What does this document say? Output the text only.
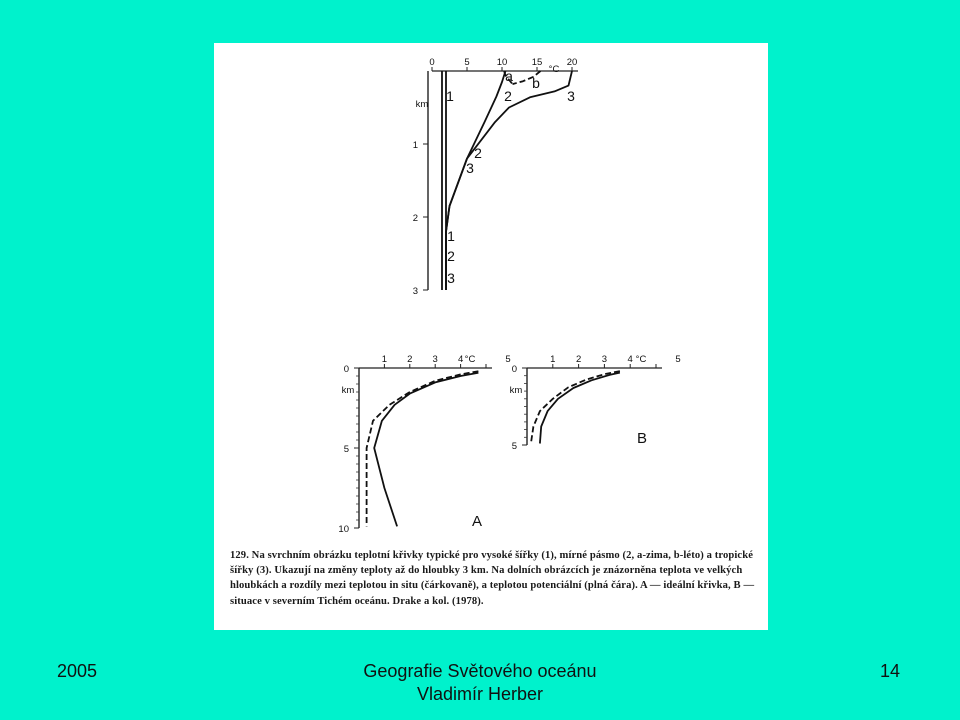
0	5	10	15	20
°C
1
2
3
km
a b
1	2	3
2
3
1
2
3
1 2 3 4	5
°C
0
5
10
km
A
1 2 3 4	5
°C
0
5
km
B
129. Na svrchním obrázku teplotní křivky typické pro vysoké šířky (1), mírné pásmo (2, a-zima, b-léto) a tropické šířky (3). Ukazují na změny teploty až do hloubky 3 km. Na dolních obrázcích je znázorněna teplota ve velkých hloubkách a rozdíly mezi teplotou in situ (čárkovaně), a teplotou potenciální (plná čára). A — ideální křivka, B — situace v severním Tichém oceánu. Drake a kol. (1978).
2005	Geografie Světového oceánu
Vladimír Herber
14
